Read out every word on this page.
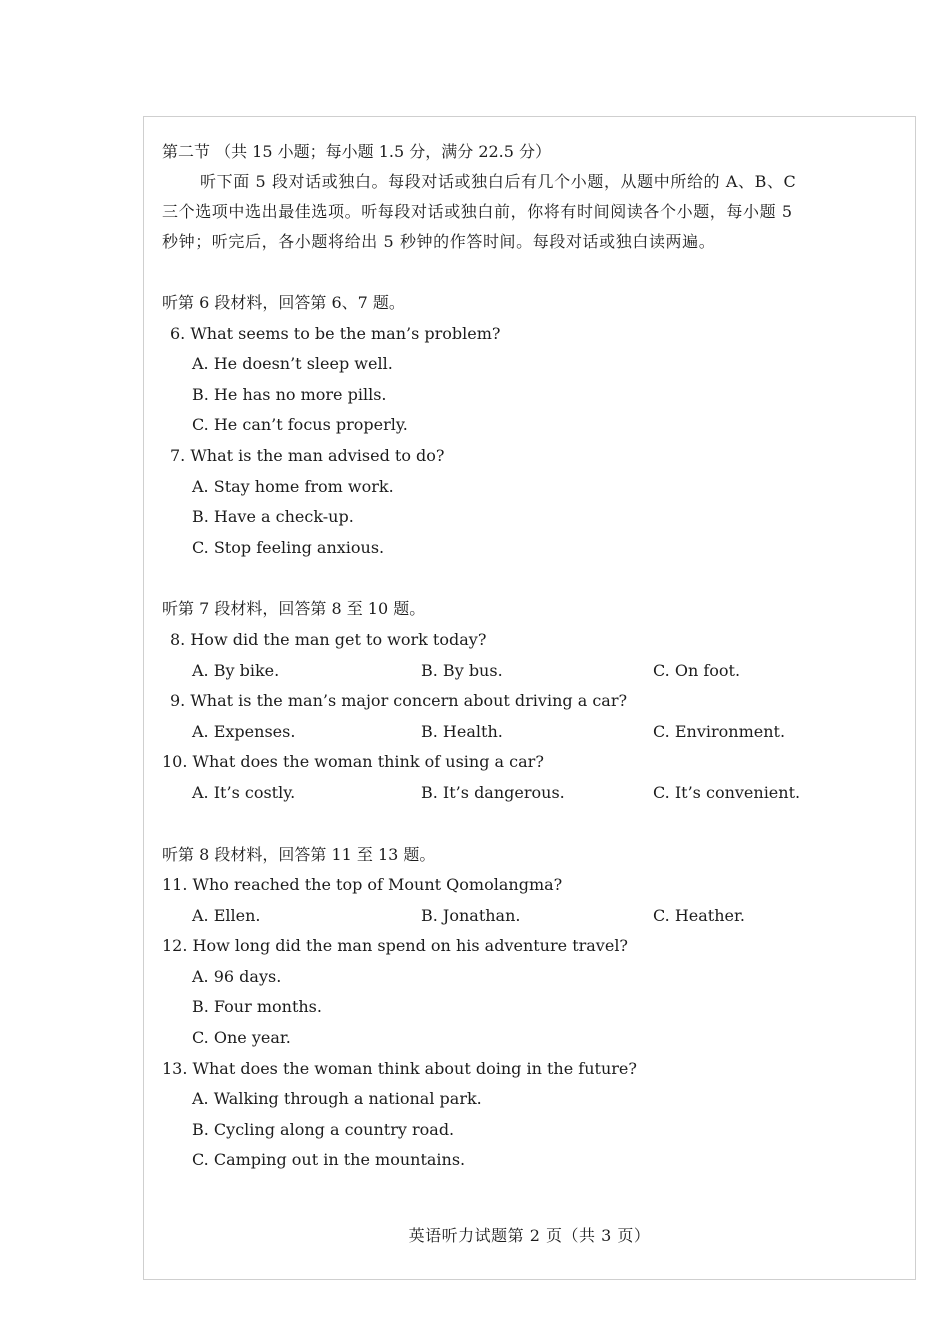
第二节 （共 15 小题；每小题 1.5 分，满分 22.5 分）
听下面 5 段对话或独白。每段对话或独白后有几个小题，从题中所给的 A、B、C
三个选项中选出最佳选项。听每段对话或独白前，你将有时间阅读各个小题，每小题 5
秒钟；听完后，各小题将给出 5 秒钟的作答时间。每段对话或独白读两遍。
听第 6 段材料，回答第 6、7 题。
6. What seems to be the man’s problem?
A. He doesn’t sleep well.
B. He has no more pills.
C. He can’t focus properly.
7. What is the man advised to do?
A. Stay home from work.
B. Have a check-up.
C. Stop feeling anxious.
听第 7 段材料，回答第 8 至 10 题。
8. How did the man get to work today?
A. By bike.	B. By bus.	C. On foot.
9. What is the man’s major concern about driving a car?
A. Expenses.	B. Health.	C. Environment.
10. What does the woman think of using a car?
A. It’s costly.	B. It’s dangerous.	C. It’s convenient.
听第 8 段材料，回答第 11 至 13 题。
11. Who reached the top of Mount Qomolangma?
A. Ellen.	B. Jonathan.	C. Heather.
12. How long did the man spend on his adventure travel?
A. 96 days.
B. Four months.
C. One year.
13. What does the woman think about doing in the future?
A. Walking through a national park.
B. Cycling along a country road.
C. Camping out in the mountains.
英语听力试题第 2 页（共 3 页）
